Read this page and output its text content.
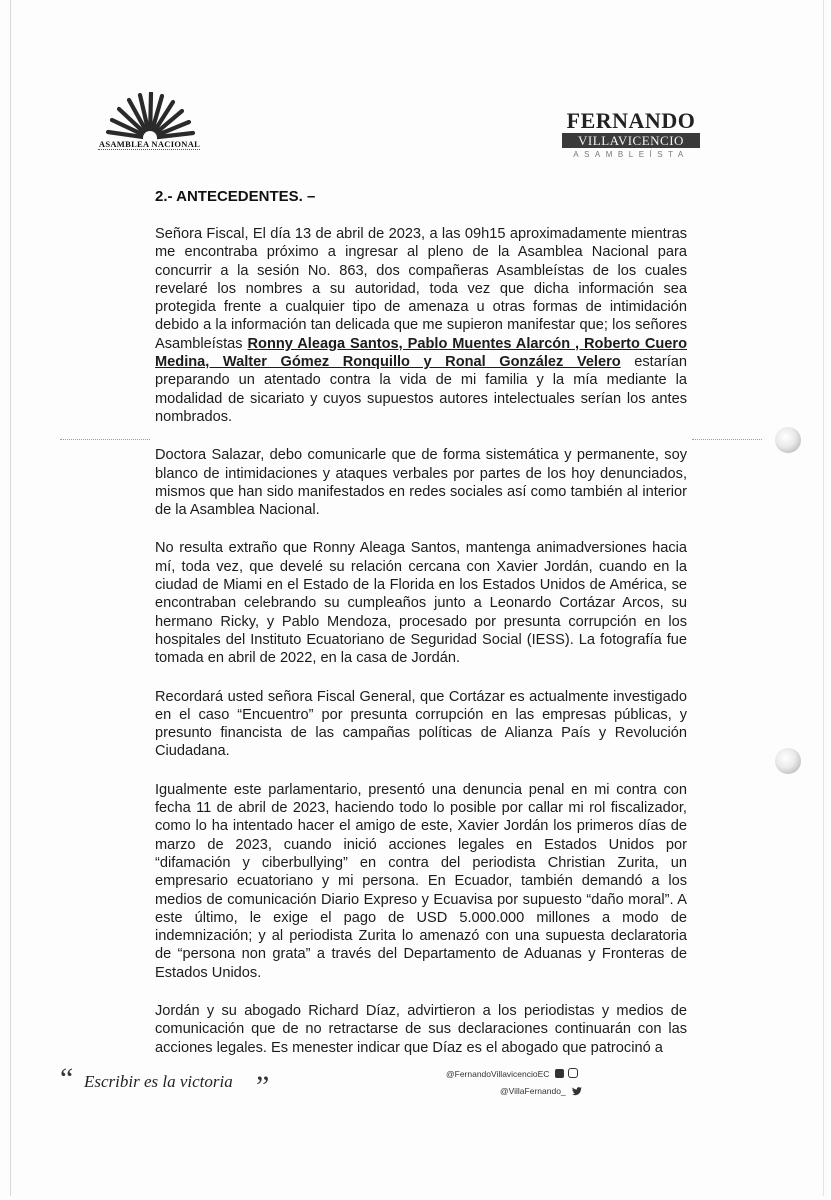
ASAMBLEA NACIONAL
FERNANDO
VILLAVICENCIO
ASAMBLEÍSTA
2.- ANTECEDENTES. –

Señora Fiscal, El día 13 de abril de 2023, a las 09h15 aproximadamente mientras me encontraba próximo a ingresar al pleno de la Asamblea Nacional para concurrir a la sesión No. 863, dos compañeras Asambleístas de los cuales revelaré los nombres a su autoridad, toda vez que dicha información sea protegida frente a cualquier tipo de amenaza u otras formas de intimidación debido a la información tan delicada que me supieron manifestar que; los señores Asambleístas Ronny Aleaga Santos, Pablo Muentes Alarcón , Roberto Cuero Medina, Walter Gómez Ronquillo y Ronal González Velero estarían preparando un atentado contra la vida de mi familia y la mía mediante la modalidad de sicariato y cuyos supuestos autores intelectuales serían los antes nombrados.

Doctora Salazar, debo comunicarle que de forma sistemática y permanente, soy blanco de intimidaciones y ataques verbales por partes de los hoy denunciados, mismos que han sido manifestados en redes sociales así como también al interior de la Asamblea Nacional.

No resulta extraño que Ronny Aleaga Santos, mantenga animadversiones hacia mí, toda vez, que develé su relación cercana con Xavier Jordán, cuando en la ciudad de Miami en el Estado de la Florida en los Estados Unidos de América, se encontraban celebrando su cumpleaños junto a Leonardo Cortázar Arcos, su hermano Ricky, y Pablo Mendoza, procesado por presunta corrupción en los hospitales del Instituto Ecuatoriano de Seguridad Social (IESS). La fotografía fue tomada en abril de 2022, en la casa de Jordán.

Recordará usted señora Fiscal General, que Cortázar es actualmente investigado en el caso “Encuentro” por presunta corrupción en las empresas públicas, y presunto financista de las campañas políticas de Alianza País y Revolución Ciudadana.

Igualmente este parlamentario, presentó una denuncia penal en mi contra con fecha 11 de abril de 2023, haciendo todo lo posible por callar mi rol fiscalizador, como lo ha intentado hacer el amigo de este, Xavier Jordán los primeros días de marzo de 2023, cuando inició acciones legales en Estados Unidos por “difamación y ciberbullying” en contra del periodista Christian Zurita, un empresario ecuatoriano y mi persona. En Ecuador, también demandó a los medios de comunicación Diario Expreso y Ecuavisa por supuesto “daño moral”. A este último, le exige el pago de USD 5.000.000 millones a modo de indemnización; y al periodista Zurita lo amenazó con una supuesta declaratoria de “persona non grata” a través del Departamento de Aduanas y Fronteras de Estados Unidos.

Jordán y su abogado Richard Díaz, advirtieron a los periodistas y medios de comunicación que de no retractarse de sus declaraciones continuarán con las acciones legales. Es menester indicar que Díaz es el abogado que patrocinó a

“ Escribir es la victoria ”	@FernandoVillavicencioEC
@VillaFernando_
